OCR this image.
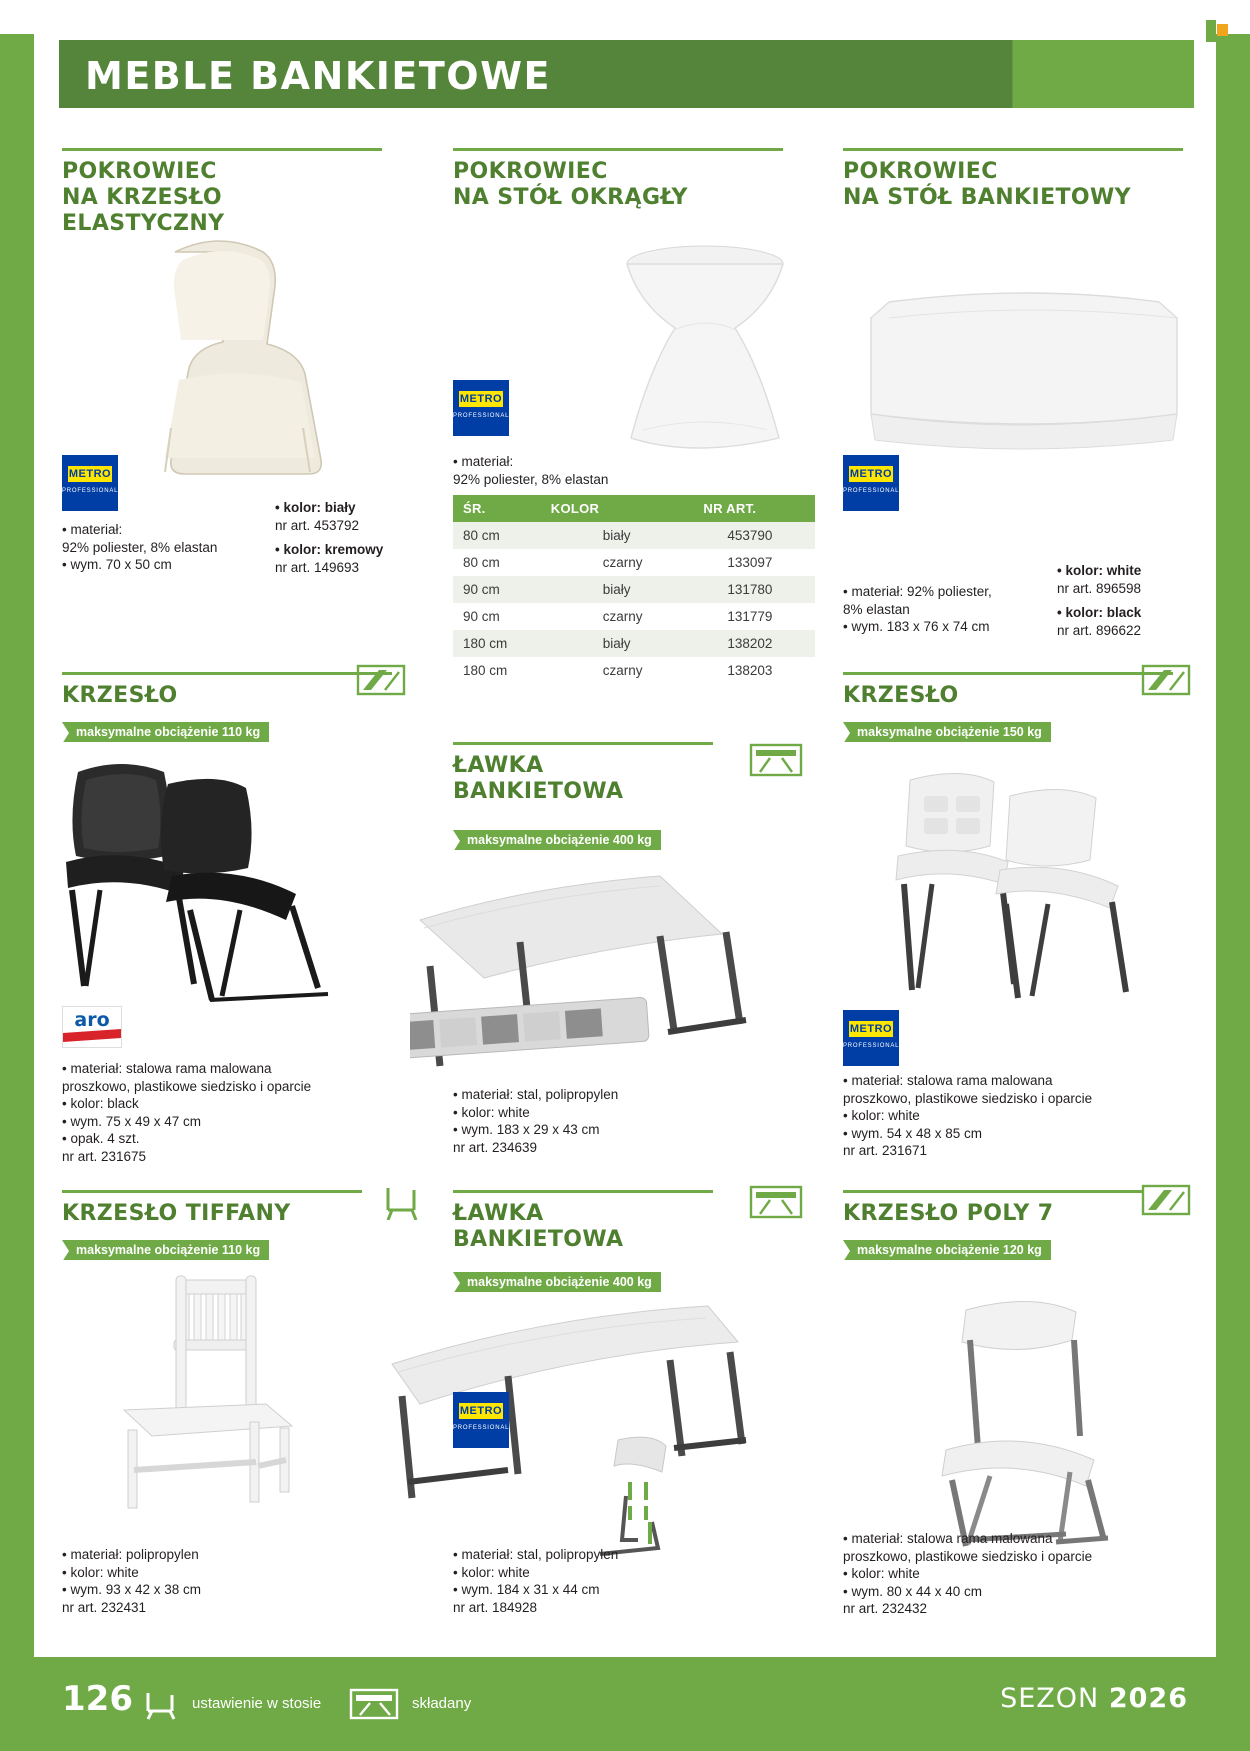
MEBLE BANKIETOWE
POKROWIEC
NA KRZESŁO ELASTYCZNY
METRO
PROFESSIONAL
• materiał:
92% poliester, 8% elastan
• wym. 70 x 50 cm
• kolor: biały
nr art. 453792
• kolor: kremowy
nr art. 149693
POKROWIEC
NA STÓŁ OKRĄGŁY
METRO
PROFESSIONAL
• materiał:
92% poliester, 8% elastan
ŚR.	KOLOR	NR ART.
80 cm	biały	453790
80 cm	czarny	133097
90 cm	biały	131780
90 cm	czarny	131779
180 cm	biały	138202
180 cm	czarny	138203
POKROWIEC
NA STÓŁ BANKIETOWY
METRO
PROFESSIONAL
• materiał: 92% poliester,
8% elastan
• wym. 183 x 76 x 74 cm
• kolor: white
nr art. 896598
• kolor: black
nr art. 896622
KRZESŁO
maksymalne obciążenie 110 kg
aro
• materiał: stalowa rama malowana
proszkowo, plastikowe siedzisko i oparcie
• kolor: black
• wym. 75 x 49 x 47 cm
• opak. 4 szt.
nr art. 231675
ŁAWKA
BANKIETOWA
maksymalne obciążenie 400 kg
• materiał: stal, polipropylen
• kolor: white
• wym. 183 x 29 x 43 cm
nr art. 234639
KRZESŁO
maksymalne obciążenie 150 kg
METRO
PROFESSIONAL
• materiał: stalowa rama malowana
proszkowo, plastikowe siedzisko i oparcie
• kolor: white
• wym. 54 x 48 x 85 cm
nr art. 231671
KRZESŁO TIFFANY
maksymalne obciążenie 110 kg
• materiał: polipropylen
• kolor: white
• wym. 93 x 42 x 38 cm
nr art. 232431
ŁAWKA
BANKIETOWA
maksymalne obciążenie 400 kg
METRO
PROFESSIONAL
• materiał: stal, polipropylen
• kolor: white
• wym. 184 x 31 x 44 cm
nr art. 184928
KRZESŁO POLY 7
maksymalne obciążenie 120 kg
• materiał: stalowa rama malowana
proszkowo, plastikowe siedzisko i oparcie
• kolor: white
• wym. 80 x 44 x 40 cm
nr art. 232432
126	ustawienie w stosie	składany	SEZON 2026
